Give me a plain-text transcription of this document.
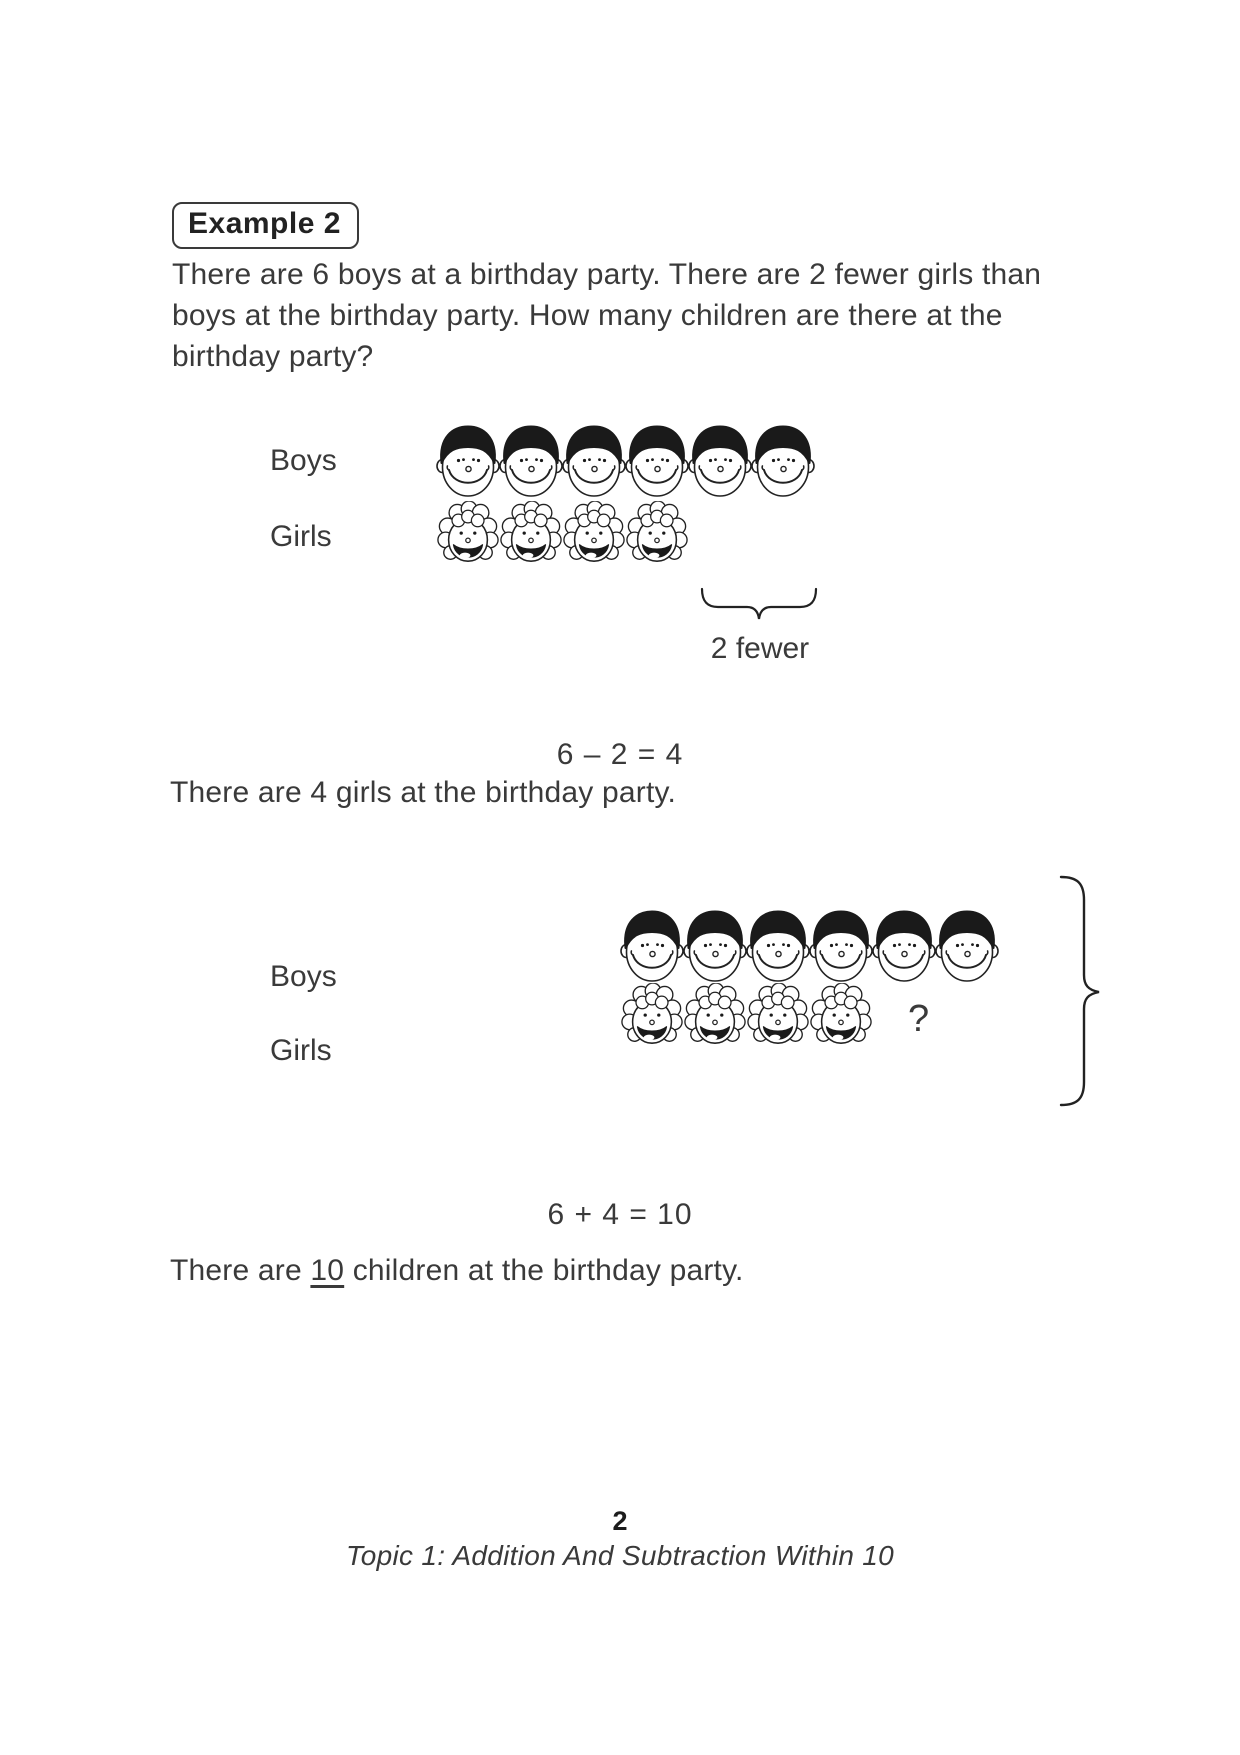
Example 2
There are 6 boys at a birthday party. There are 2 fewer girls than boys at the birthday party. How many children are there at the birthday party?
Boys
Girls
2 fewer
6 – 2 = 4
There are 4 girls at the birthday party.
Boys
Girls
?
6 + 4 = 10
There are 10 children at the birthday party.
2
Topic 1: Addition And Subtraction Within 10
